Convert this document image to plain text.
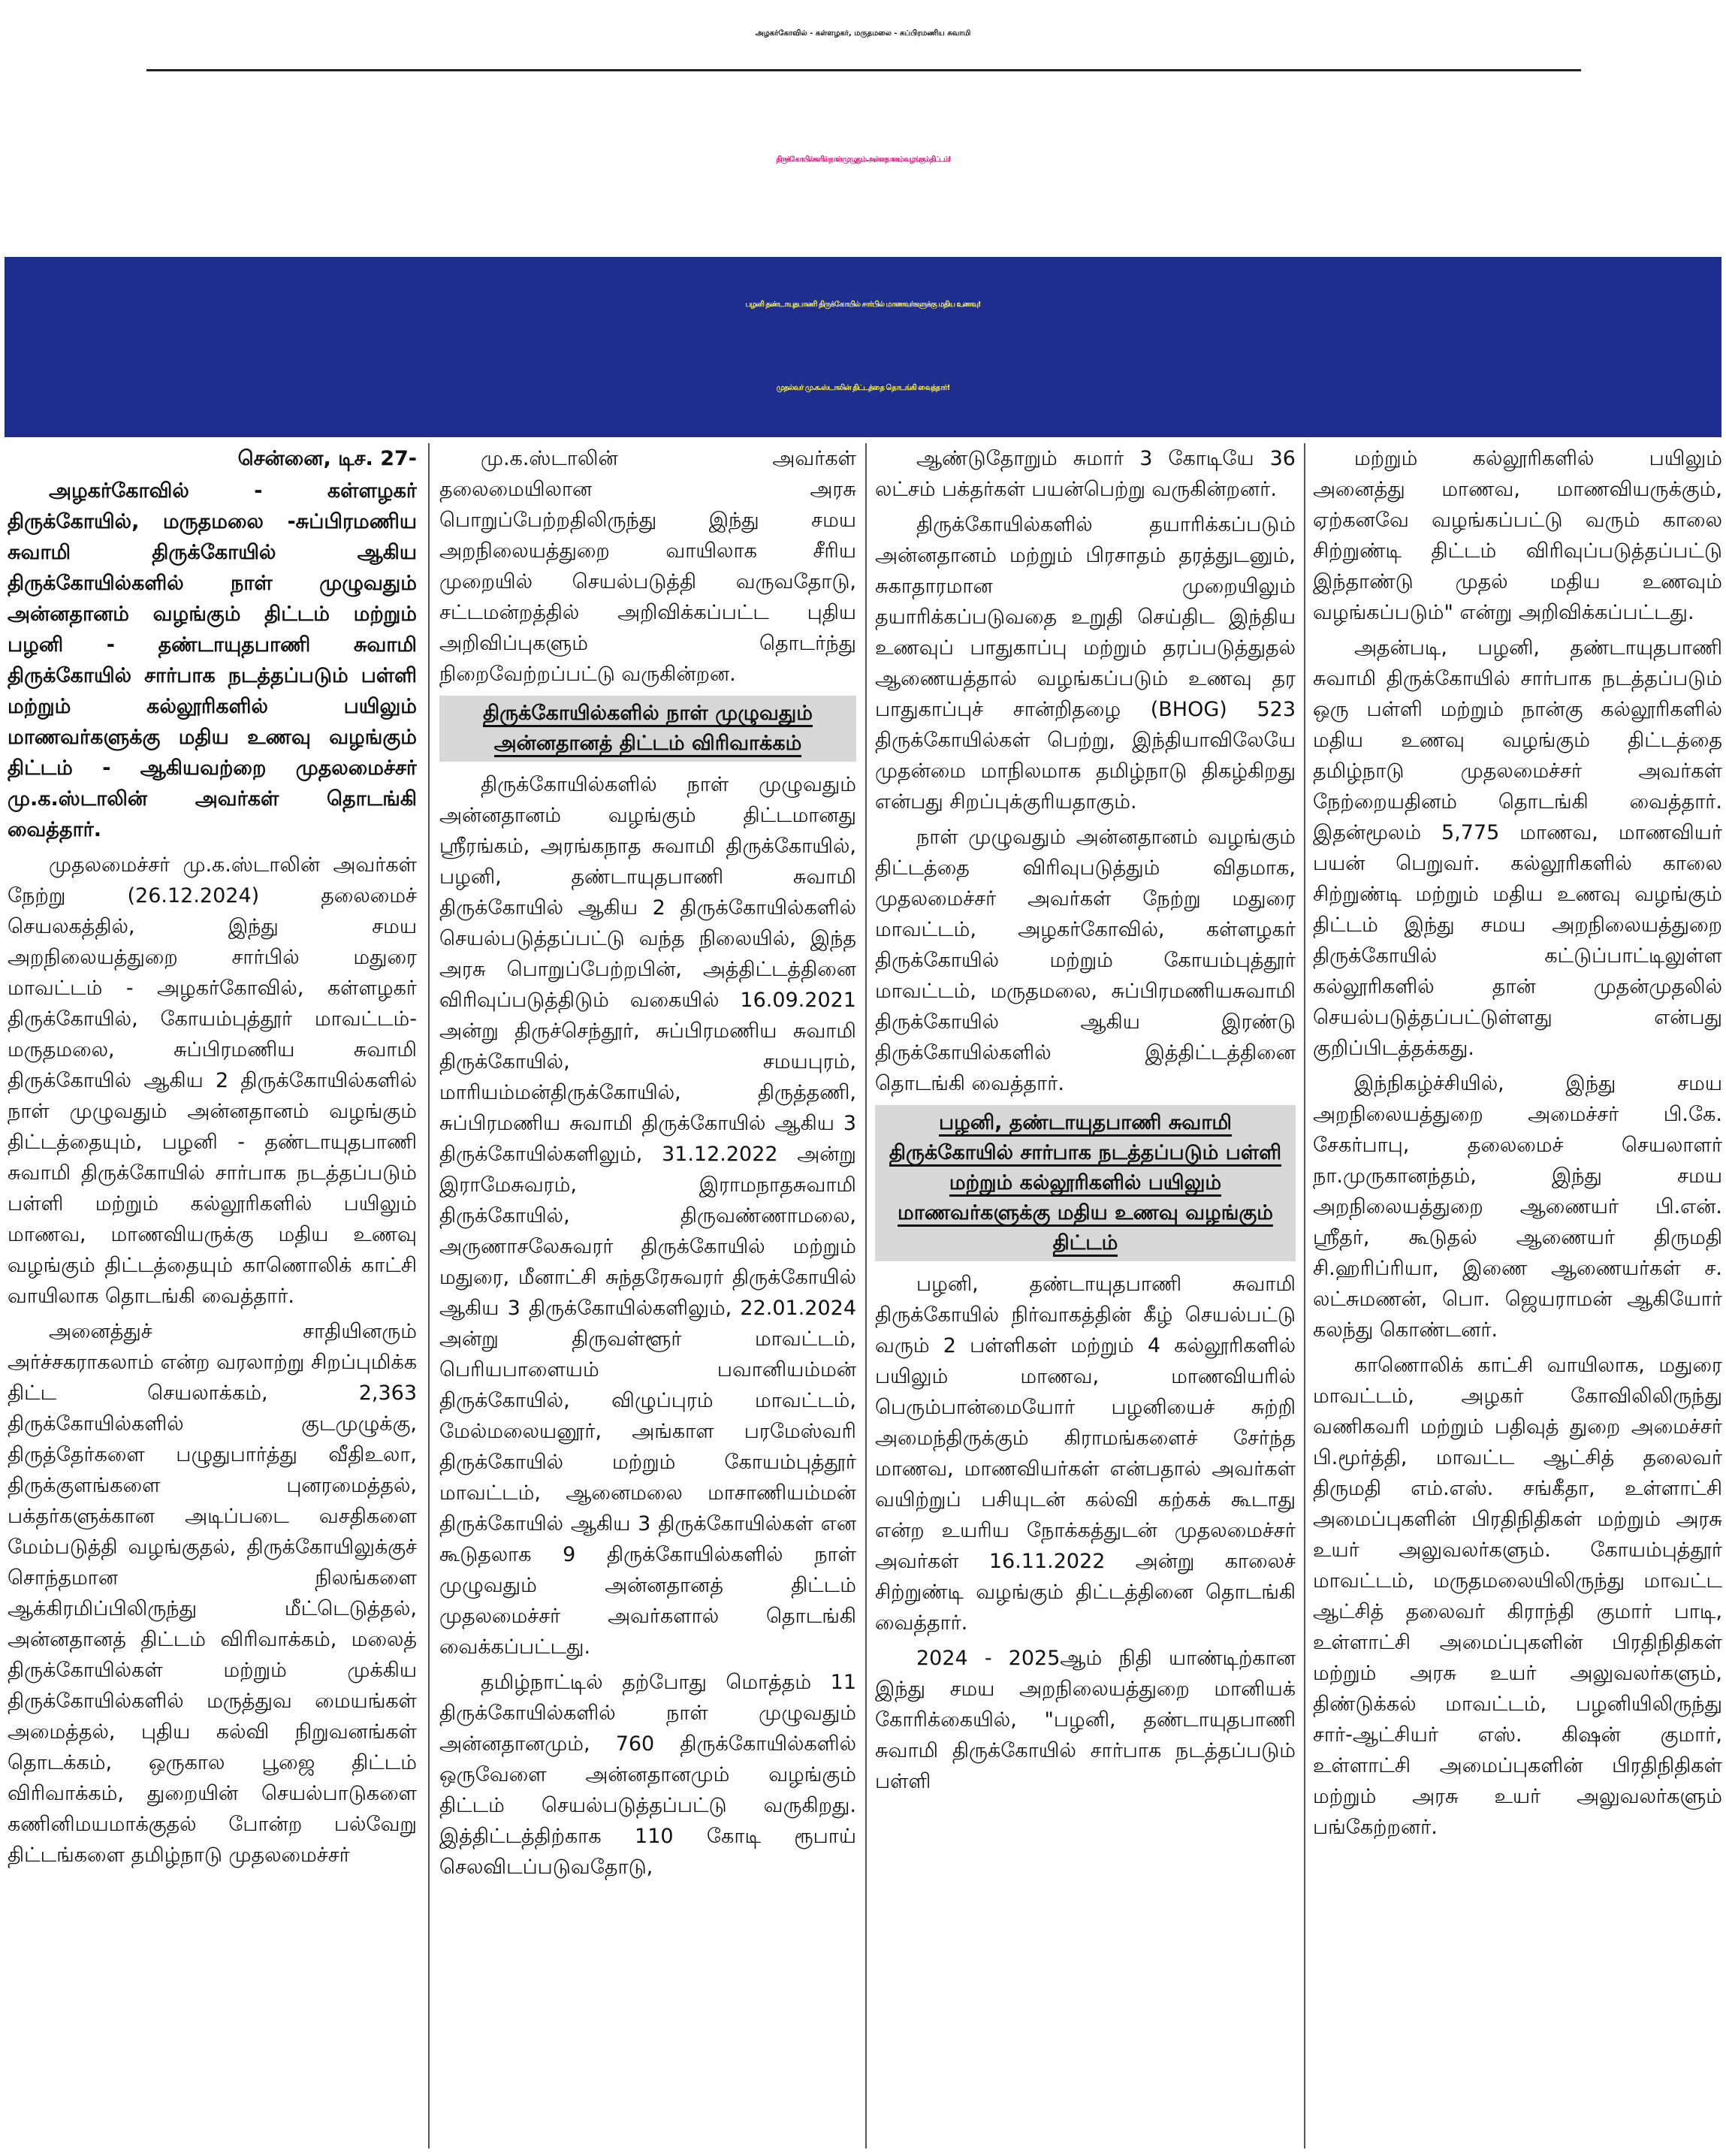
அழகர்கோவில் - கள்ளழகர், மருதமலை - சுப்பிரமணிய சுவாமி
திருக்கோயில்களில் நாள் முழுதும் அன்னதானம் வழங்கும் திட்டம்!
பழனி தண்டாயுதபாணி திருக்கோயில் சார்பில் மாணவர்களுக்கு மதிய உணவு!
முதல்வர் மு.க.ஸ்டாலின் திட்டத்தை தொடங்கி வைத்தார்!

சென்னை, டிச. 27-

அழகர்கோவில் - கள்ளழகர் திருக்கோயில், மருதமலை -சுப்பிரமணிய சுவாமி திருக்கோயில் ஆகிய திருக்கோயில்களில் நாள் முழுவதும் அன்னதானம் வழங்கும் திட்டம் மற்றும் பழனி - தண்டாயுதபாணி சுவாமி திருக்கோயில் சார்பாக நடத்தப்படும் பள்ளி மற்றும் கல்லூரிகளில் பயிலும் மாணவர்களுக்கு மதிய உணவு வழங்கும் திட்டம் - ஆகியவற்றை முதலமைச்சர் மு.க.ஸ்டாலின் அவர்கள் தொடங்கி வைத்தார்.

முதலமைச்சர் மு.க.ஸ்டாலின் அவர்கள் நேற்று (26.12.2024) தலைமைச் செயலகத்தில், இந்து சமய அறநிலையத்துறை சார்பில் மதுரை மாவட்டம் - அழகர்கோவில், கள்ளழகர் திருக்கோயில், கோயம்புத்தூர் மாவட்டம்-மருதமலை, சுப்பிரமணிய சுவாமி திருக்கோயில் ஆகிய 2 திருக்கோயில்களில் நாள் முழுவதும் அன்னதானம் வழங்கும் திட்டத்தையும், பழனி - தண்டாயுதபாணி சுவாமி திருக்கோயில் சார்பாக நடத்தப்படும் பள்ளி மற்றும் கல்லூரிகளில் பயிலும் மாணவ, மாணவியருக்கு மதிய உணவு வழங்கும் திட்டத்தையும் காணொலிக் காட்சி வாயிலாக தொடங்கி வைத்தார்.

அனைத்துச் சாதியினரும் அர்ச்சகராகலாம் என்ற வரலாற்று சிறப்புமிக்க திட்ட செயலாக்கம், 2,363 திருக்கோயில்களில் குடமுழுக்கு, திருத்தேர்களை பழுதுபார்த்து வீதிஉலா, திருக்குளங்களை புனரமைத்தல், பக்தர்களுக்கான அடிப்படை வசதிகளை மேம்படுத்தி வழங்குதல், திருக்கோயிலுக்குச் சொந்தமான நிலங்களை ஆக்கிரமிப்பிலிருந்து மீட்டெடுத்தல், அன்னதானத் திட்டம் விரிவாக்கம், மலைத் திருக்கோயில்கள் மற்றும் முக்கிய திருக்கோயில்களில் மருத்துவ மையங்கள் அமைத்தல், புதிய கல்வி நிறுவனங்கள் தொடக்கம், ஒருகால பூஜை திட்டம் விரிவாக்கம், துறையின் செயல்பாடுகளை கணினிமயமாக்குதல் போன்ற பல்வேறு திட்டங்களை தமிழ்நாடு முதலமைச்சர்

மு.க.ஸ்டாலின் அவர்கள் தலைமையிலான அரசு பொறுப்பேற்றதிலிருந்து இந்து சமய அறநிலையத்துறை வாயிலாக சீரிய முறையில் செயல்படுத்தி வருவதோடு, சட்டமன்றத்தில் அறிவிக்கப்பட்ட புதிய அறிவிப்புகளும் தொடர்ந்து நிறைவேற்றப்பட்டு வருகின்றன.

திருக்கோயில்களில் நாள் முழுவதும் அன்னதானத் திட்டம் விரிவாக்கம்

திருக்கோயில்களில் நாள் முழுவதும் அன்னதானம் வழங்கும் திட்டமானது ஸ்ரீரங்கம், அரங்கநாத சுவாமி திருக்கோயில், பழனி, தண்டாயுதபாணி சுவாமி திருக்கோயில் ஆகிய 2 திருக்கோயில்களில் செயல்படுத்தப்பட்டு வந்த நிலையில், இந்த அரசு பொறுப்பேற்றபின், அத்திட்டத்தினை விரிவுப்படுத்திடும் வகையில் 16.09.2021 அன்று திருச்செந்தூர், சுப்பிரமணிய சுவாமி திருக்கோயில், சமயபுரம், மாரியம்மன்திருக்கோயில், திருத்தணி, சுப்பிரமணிய சுவாமி திருக்கோயில் ஆகிய 3 திருக்கோயில்களிலும், 31.12.2022 அன்று இராமேசுவரம், இராமநாதசுவாமி திருக்கோயில், திருவண்ணாமலை, அருணாசலேசுவரர் திருக்கோயில் மற்றும் மதுரை, மீனாட்சி சுந்தரேசுவரர் திருக்கோயில் ஆகிய 3 திருக்கோயில்களிலும், 22.01.2024 அன்று திருவள்ளூர் மாவட்டம், பெரியபாளையம் பவானியம்மன் திருக்கோயில், விழுப்புரம் மாவட்டம், மேல்மலையனூர், அங்காள பரமேஸ்வரி திருக்கோயில் மற்றும் கோயம்புத்தூர் மாவட்டம், ஆனைமலை மாசாணியம்மன் திருக்கோயில் ஆகிய 3 திருக்கோயில்கள் என கூடுதலாக 9 திருக்கோயில்களில் நாள் முழுவதும் அன்னதானத் திட்டம் முதலமைச்சர் அவர்களால் தொடங்கி வைக்கப்பட்டது.

தமிழ்நாட்டில் தற்போது மொத்தம் 11 திருக்கோயில்களில் நாள் முழுவதும் அன்னதானமும், 760 திருக்கோயில்களில் ஒருவேளை அன்னதானமும் வழங்கும் திட்டம் செயல்படுத்தப்பட்டு வருகிறது. இத்திட்டத்திற்காக 110 கோடி ரூபாய் செலவிடப்படுவதோடு,

ஆண்டுதோறும் சுமார் 3 கோடியே 36 லட்சம் பக்தர்கள் பயன்பெற்று வருகின்றனர்.

திருக்கோயில்களில் தயாரிக்கப்படும் அன்னதானம் மற்றும் பிரசாதம் தரத்துடனும், சுகாதாரமான முறையிலும் தயாரிக்கப்படுவதை உறுதி செய்திட இந்திய உணவுப் பாதுகாப்பு மற்றும் தரப்படுத்துதல் ஆணையத்தால் வழங்கப்படும் உணவு தர பாதுகாப்புச் சான்றிதழை (BHOG) 523 திருக்கோயில்கள் பெற்று, இந்தியாவிலேயே முதன்மை மாநிலமாக தமிழ்நாடு திகழ்கிறது என்பது சிறப்புக்குரியதாகும்.

நாள் முழுவதும் அன்னதானம் வழங்கும் திட்டத்தை விரிவுபடுத்தும் விதமாக, முதலமைச்சர் அவர்கள் நேற்று மதுரை மாவட்டம், அழகர்கோவில், கள்ளழகர் திருக்கோயில் மற்றும் கோயம்புத்தூர் மாவட்டம், மருதமலை, சுப்பிரமணியசுவாமி திருக்கோயில் ஆகிய இரண்டு திருக்கோயில்களில் இத்திட்டத்தினை தொடங்கி வைத்தார்.

பழனி, தண்டாயுதபாணி சுவாமி திருக்கோயில் சார்பாக நடத்தப்படும் பள்ளி மற்றும் கல்லூரிகளில் பயிலும் மாணவர்களுக்கு மதிய உணவு வழங்கும் திட்டம்

பழனி, தண்டாயுதபாணி சுவாமி திருக்கோயில் நிர்வாகத்தின் கீழ் செயல்பட்டு வரும் 2 பள்ளிகள் மற்றும் 4 கல்லூரிகளில் பயிலும் மாணவ, மாணவியரில் பெரும்பான்மையோர் பழனியைச் சுற்றி அமைந்திருக்கும் கிராமங்களைச் சேர்ந்த மாணவ, மாணவியர்கள் என்பதால் அவர்கள் வயிற்றுப் பசியுடன் கல்வி கற்கக் கூடாது என்ற உயரிய நோக்கத்துடன் முதலமைச்சர் அவர்கள் 16.11.2022 அன்று காலைச் சிற்றுண்டி வழங்கும் திட்டத்தினை தொடங்கி வைத்தார்.

2024 - 2025ஆம் நிதி யாண்டிற்கான இந்து சமய அறநிலையத்துறை மானியக் கோரிக்கையில், "பழனி, தண்டாயுதபாணி சுவாமி திருக்கோயில் சார்பாக நடத்தப்படும் பள்ளி

மற்றும் கல்லூரிகளில் பயிலும் அனைத்து மாணவ, மாணவியருக்கும், ஏற்கனவே வழங்கப்பட்டு வரும் காலை சிற்றுண்டி திட்டம் விரிவுப்படுத்தப்பட்டு இந்தாண்டு முதல் மதிய உணவும் வழங்கப்படும்" என்று அறிவிக்கப்பட்டது.

அதன்படி, பழனி, தண்டாயுதபாணி சுவாமி திருக்கோயில் சார்பாக நடத்தப்படும் ஒரு பள்ளி மற்றும் நான்கு கல்லூரிகளில் மதிய உணவு வழங்கும் திட்டத்தை தமிழ்நாடு முதலமைச்சர் அவர்கள் நேற்றையதினம் தொடங்கி வைத்தார். இதன்மூலம் 5,775 மாணவ, மாணவியர் பயன் பெறுவர். கல்லூரிகளில் காலை சிற்றுண்டி மற்றும் மதிய உணவு வழங்கும் திட்டம் இந்து சமய அறநிலையத்துறை திருக்கோயில் கட்டுப்பாட்டிலுள்ள கல்லூரிகளில் தான் முதன்முதலில் செயல்படுத்தப்பட்டுள்ளது என்பது குறிப்பிடத்தக்கது.

இந்நிகழ்ச்சியில், இந்து சமய அறநிலையத்துறை அமைச்சர் பி.கே. சேகர்பாபு, தலைமைச் செயலாளர் நா.முருகானந்தம், இந்து சமய அறநிலையத்துறை ஆணையர் பி.என். ஸ்ரீதர், கூடுதல் ஆணையர் திருமதி சி.ஹரிப்ரியா, இணை ஆணையர்கள் ச. லட்சுமணன், பொ. ஜெயராமன் ஆகியோர் கலந்து கொண்டனர்.

காணொலிக் காட்சி வாயிலாக, மதுரை மாவட்டம், அழகர் கோவிலிலிருந்து வணிகவரி மற்றும் பதிவுத் துறை அமைச்சர் பி.மூர்த்தி, மாவட்ட ஆட்சித் தலைவர் திருமதி எம்.எஸ். சங்கீதா, உள்ளாட்சி அமைப்புகளின் பிரதிநிதிகள் மற்றும் அரசு உயர் அலுவலர்களும். கோயம்புத்தூர் மாவட்டம், மருதமலையிலிருந்து மாவட்ட ஆட்சித் தலைவர் கிராந்தி குமார் பாடி, உள்ளாட்சி அமைப்புகளின் பிரதிநிதிகள் மற்றும் அரசு உயர் அலுவலர்களும், திண்டுக்கல் மாவட்டம், பழனியிலிருந்து சார்-ஆட்சியர் எஸ். கிஷன் குமார், உள்ளாட்சி அமைப்புகளின் பிரதிநிதிகள் மற்றும் அரசு உயர் அலுவலர்களும் பங்கேற்றனர்.
